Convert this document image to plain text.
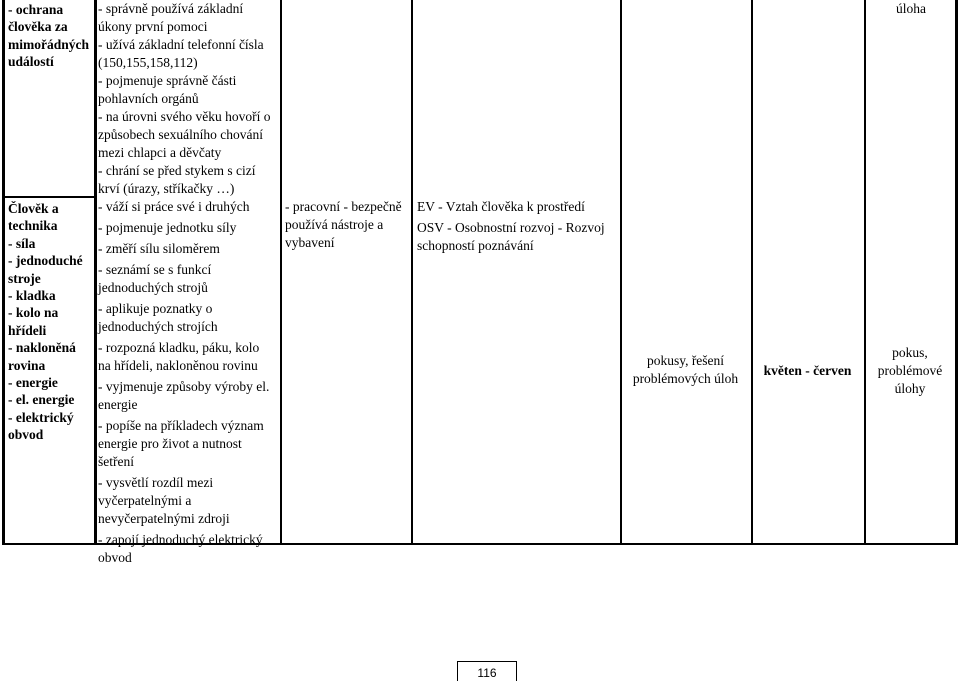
- ochrana
člověka za
mimořádných
událostí
- správně používá základní
úkony první pomoci
- užívá základní telefonní čísla
(150,155,158,112)
- pojmenuje správně části
pohlavních orgánů
- na úrovni svého věku hovoří o
způsobech sexuálního chování
mezi chlapci a děvčaty
- chrání se před stykem s cizí
krví (úrazy, stříkačky …)
úloha
Člověk a
technika
- síla
- jednoduché
stroje
- kladka
- kolo na
hřídeli
- nakloněná
rovina
- energie
- el. energie
- elektrický
obvod
- váží si práce své i druhých
- pojmenuje jednotku síly
- změří sílu siloměrem
- seznámí se s funkcí
jednoduchých strojů
- aplikuje poznatky o
jednoduchých strojích
- rozpozná kladku, páku, kolo
na hřídeli, nakloněnou rovinu
- vyjmenuje způsoby výroby el.
energie
- popíše na příkladech význam
energie pro život a nutnost
šetření
- vysvětlí rozdíl mezi
vyčerpatelnými a
nevyčerpatelnými zdroji
- zapojí jednoduchý elektrický
obvod
- pracovní - bezpečně
používá nástroje a
vybavení
EV - Vztah člověka k prostředí
OSV - Osobnostní rozvoj - Rozvoj
schopností poznávání
pokusy, řešení
problémových úloh
květen - červen
pokus,
problémové
úlohy
116
